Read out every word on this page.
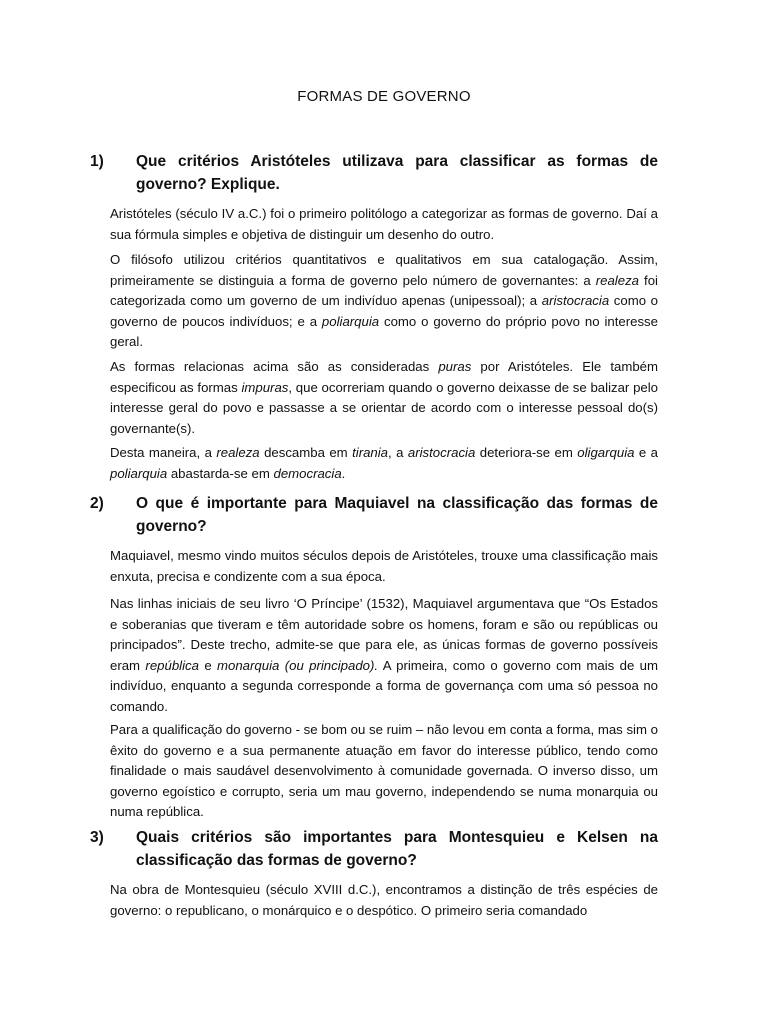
FORMAS DE GOVERNO
1)	Que critérios Aristóteles utilizava para classificar as formas de governo? Explique.

Aristóteles (século IV a.C.) foi o primeiro politólogo a categorizar as formas de governo. Daí a sua fórmula simples e objetiva de distinguir um desenho do outro.

O filósofo utilizou critérios quantitativos e qualitativos em sua catalogação. Assim, primeiramente se distinguia a forma de governo pelo número de governantes: a realeza foi categorizada como um governo de um indivíduo apenas (unipessoal); a aristocracia como o governo de poucos indivíduos; e a poliarquia como o governo do próprio povo no interesse geral.

As formas relacionas acima são as consideradas puras por Aristóteles. Ele também especificou as formas impuras, que ocorreriam quando o governo deixasse de se balizar pelo interesse geral do povo e passasse a se orientar de acordo com o interesse pessoal do(s) governante(s).

Desta maneira, a realeza descamba em tirania, a aristocracia deteriora-se em oligarquia e a poliarquia abastarda-se em democracia.

2)	O que é importante para Maquiavel na classificação das formas de governo?

Maquiavel, mesmo vindo muitos séculos depois de Aristóteles, trouxe uma classificação mais enxuta, precisa e condizente com a sua época.

Nas linhas iniciais de seu livro ‘O Príncipe’ (1532), Maquiavel argumentava que “Os Estados e soberanias que tiveram e têm autoridade sobre os homens, foram e são ou repúblicas ou principados”. Deste trecho, admite-se que para ele, as únicas formas de governo possíveis eram república e monarquia (ou principado). A primeira, como o governo com mais de um indivíduo, enquanto a segunda corresponde a forma de governança com uma só pessoa no comando.

Para a qualificação do governo - se bom ou se ruim – não levou em conta a forma, mas sim o êxito do governo e a sua permanente atuação em favor do interesse público, tendo como finalidade o mais saudável desenvolvimento à comunidade governada. O inverso disso, um governo egoístico e corrupto, seria um mau governo, independendo se numa monarquia ou numa república.

3)	Quais critérios são importantes para Montesquieu e Kelsen na classificação das formas de governo?

Na obra de Montesquieu (século XVIII d.C.), encontramos a distinção de três espécies de governo: o republicano, o monárquico e o despótico. O primeiro seria comandado
